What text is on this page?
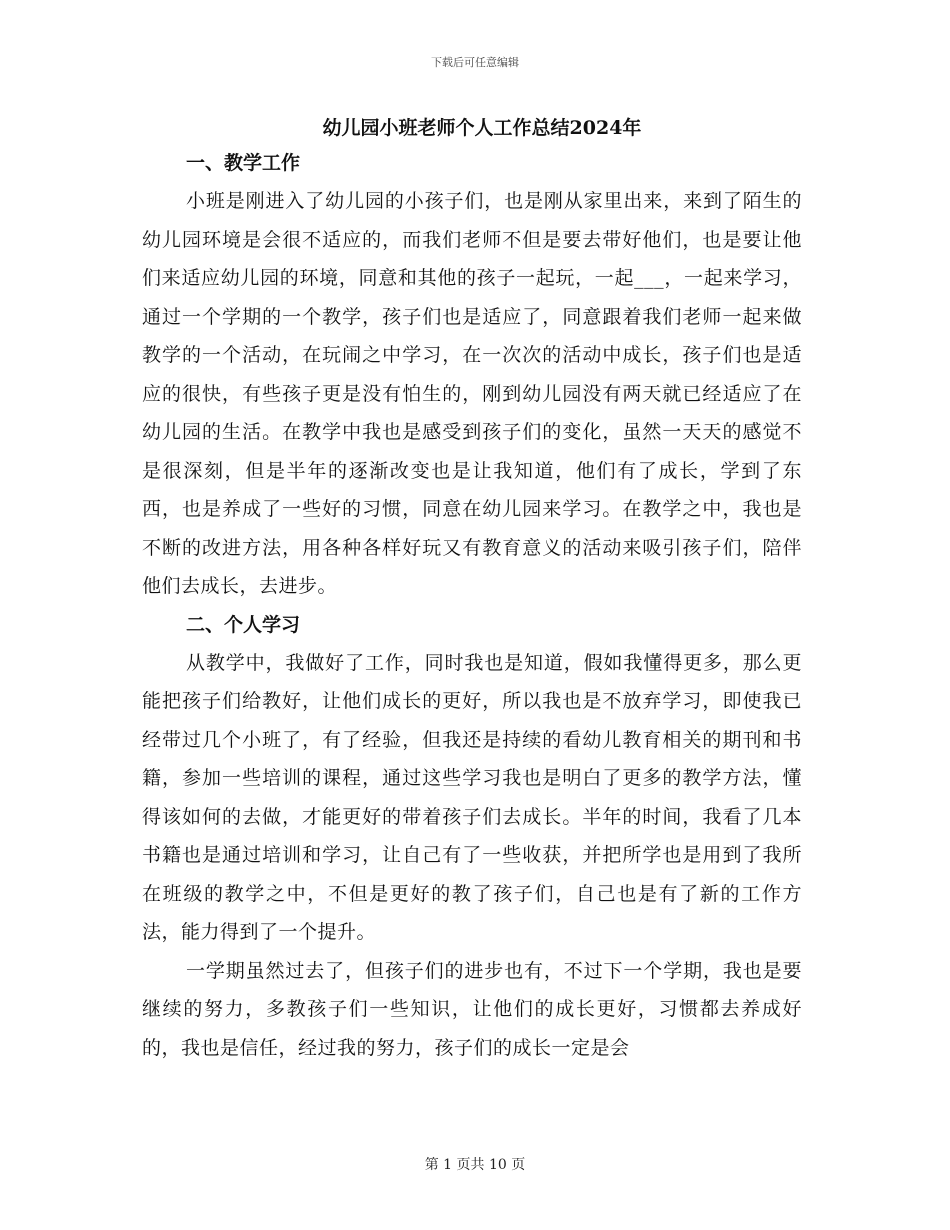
下载后可任意编辑
幼儿园小班老师个人工作总结2024年
一、教学工作

小班是刚进入了幼儿园的小孩子们，也是刚从家里出来，来到了陌生的幼儿园环境是会很不适应的，而我们老师不但是要去带好他们，也是要让他们来适应幼儿园的环境，同意和其他的孩子一起玩，一起___，一起来学习，通过一个学期的一个教学，孩子们也是适应了，同意跟着我们老师一起来做教学的一个活动，在玩闹之中学习，在一次次的活动中成长，孩子们也是适应的很快，有些孩子更是没有怕生的，刚到幼儿园没有两天就已经适应了在幼儿园的生活。在教学中我也是感受到孩子们的变化，虽然一天天的感觉不是很深刻，但是半年的逐渐改变也是让我知道，他们有了成长，学到了东西，也是养成了一些好的习惯，同意在幼儿园来学习。在教学之中，我也是不断的改进方法，用各种各样好玩又有教育意义的活动来吸引孩子们，陪伴他们去成长，去进步。

二、个人学习

从教学中，我做好了工作，同时我也是知道，假如我懂得更多，那么更能把孩子们给教好，让他们成长的更好，所以我也是不放弃学习，即使我已经带过几个小班了，有了经验，但我还是持续的看幼儿教育相关的期刊和书籍，参加一些培训的课程，通过这些学习我也是明白了更多的教学方法，懂得该如何的去做，才能更好的带着孩子们去成长。半年的时间，我看了几本书籍也是通过培训和学习，让自己有了一些收获，并把所学也是用到了我所在班级的教学之中，不但是更好的教了孩子们，自己也是有了新的工作方法，能力得到了一个提升。

一学期虽然过去了，但孩子们的进步也有，不过下一个学期，我也是要继续的努力，多教孩子们一些知识，让他们的成长更好，习惯都去养成好的，我也是信任，经过我的努力，孩子们的成长一定是会

第 1 页共 10 页
